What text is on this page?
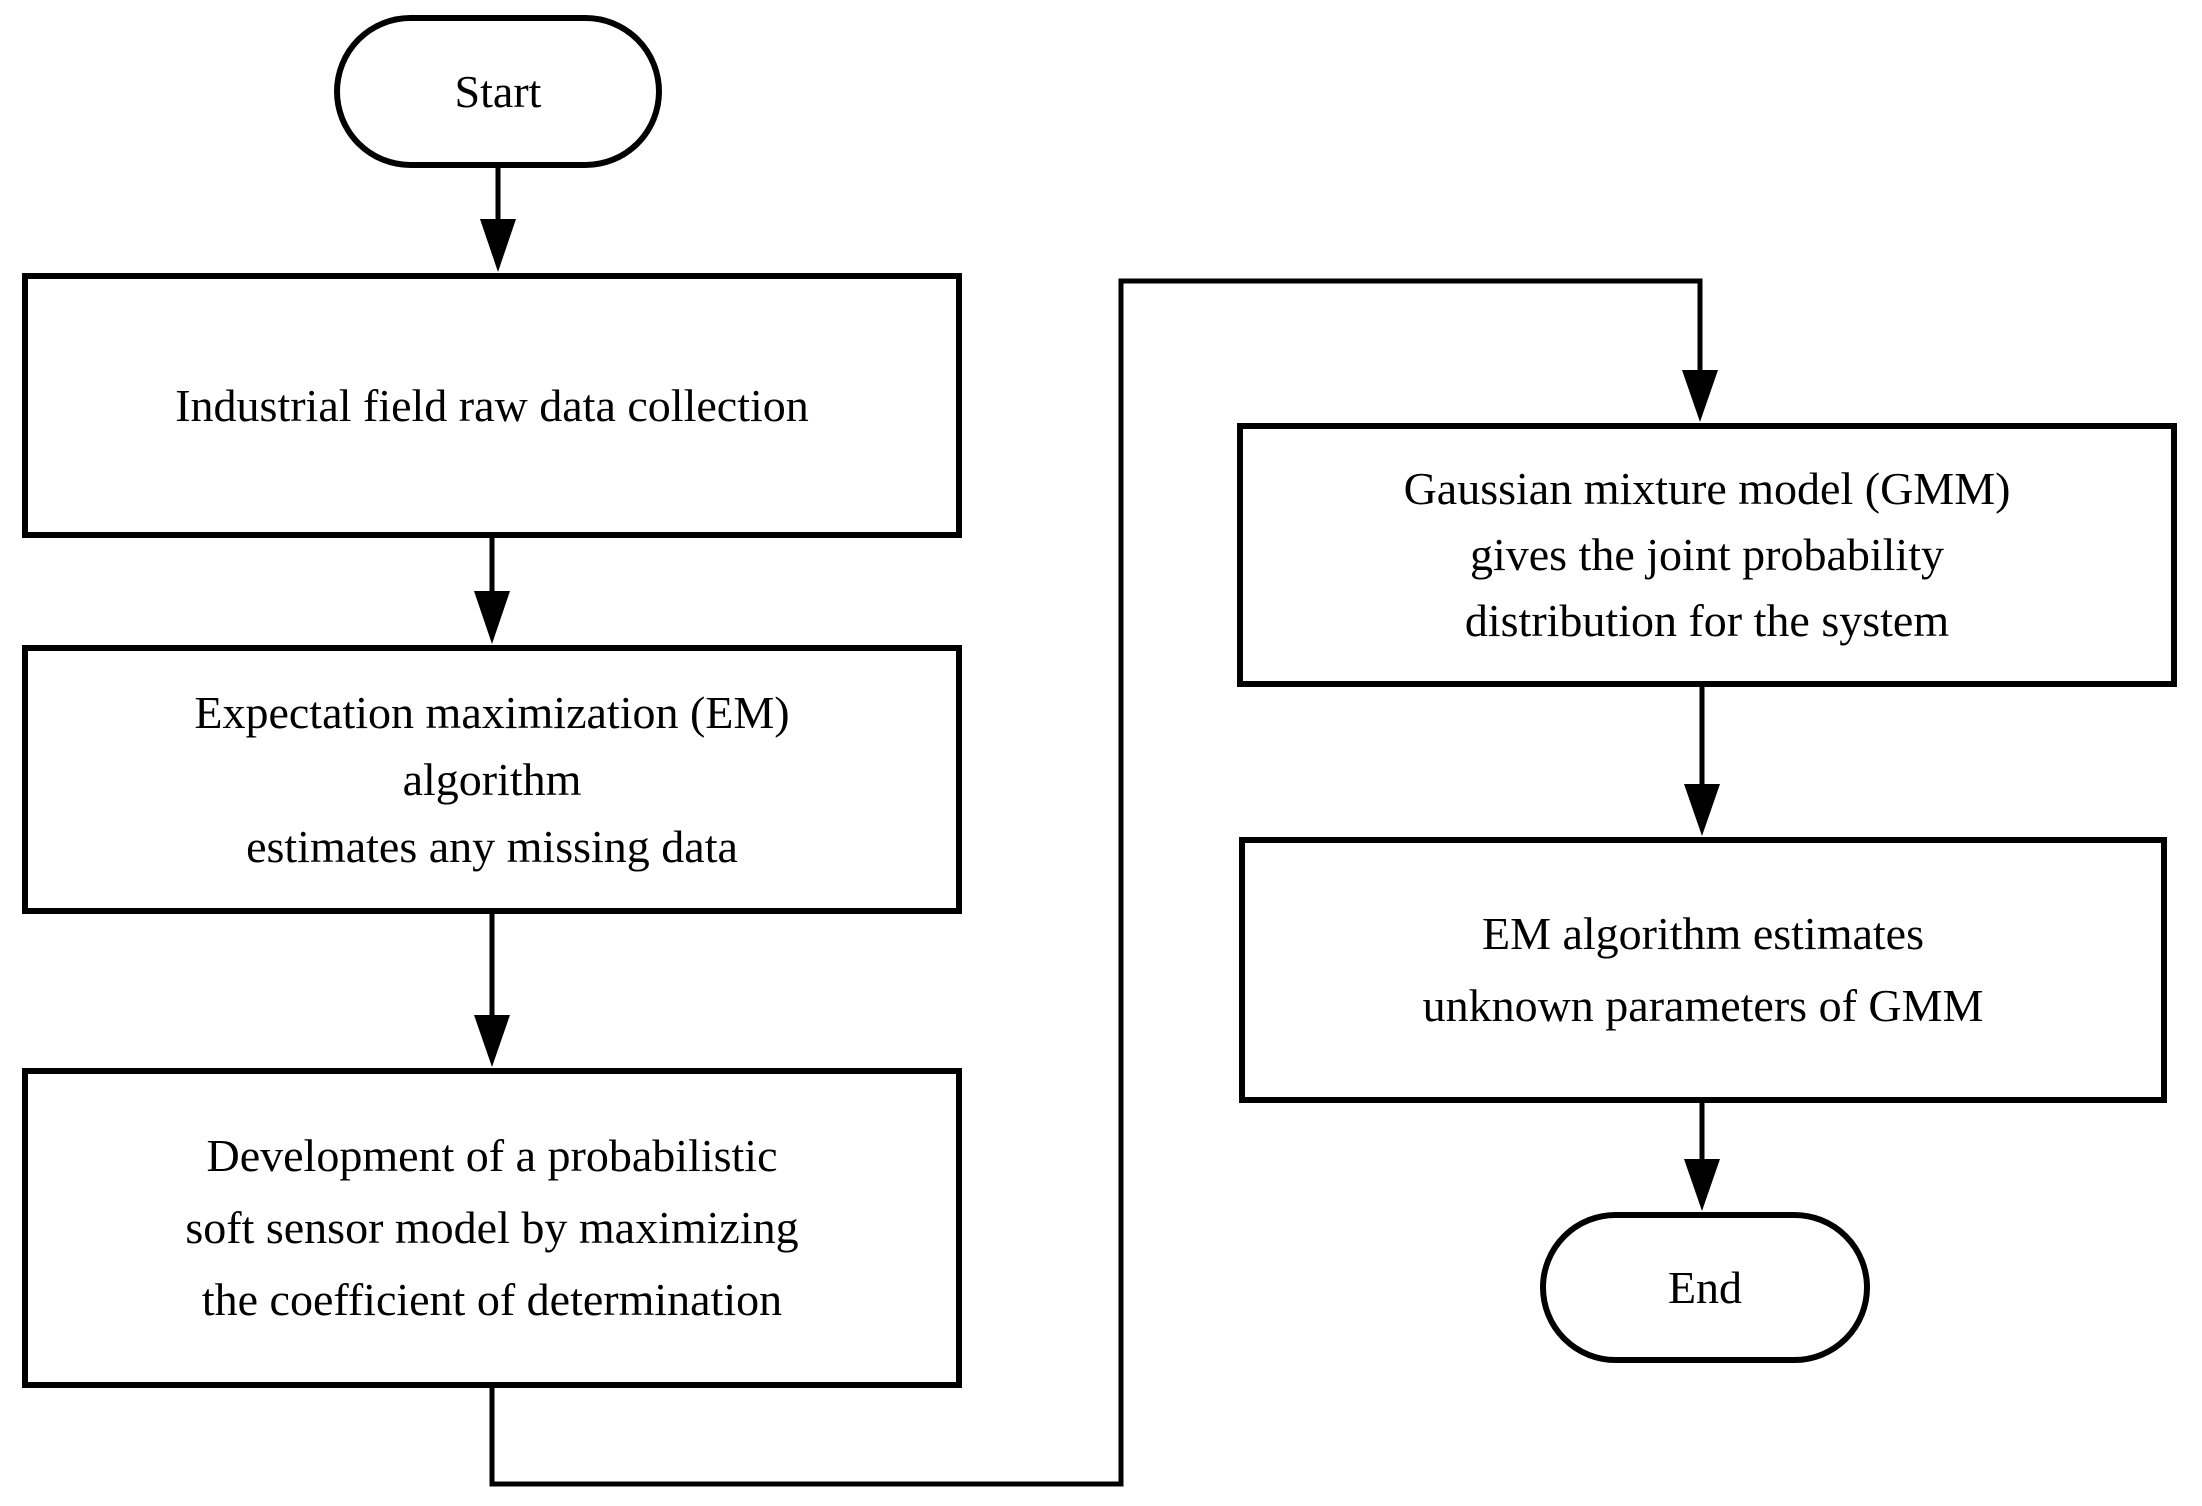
Start
Industrial field raw data collection
Expectation maximization (EM)
algorithm
estimates any missing data
Development of a probabilistic
soft sensor model by maximizing
the coefficient of determination
Gaussian mixture model (GMM)
gives the joint probability
distribution for the system
EM algorithm estimates
unknown parameters of GMM
End
